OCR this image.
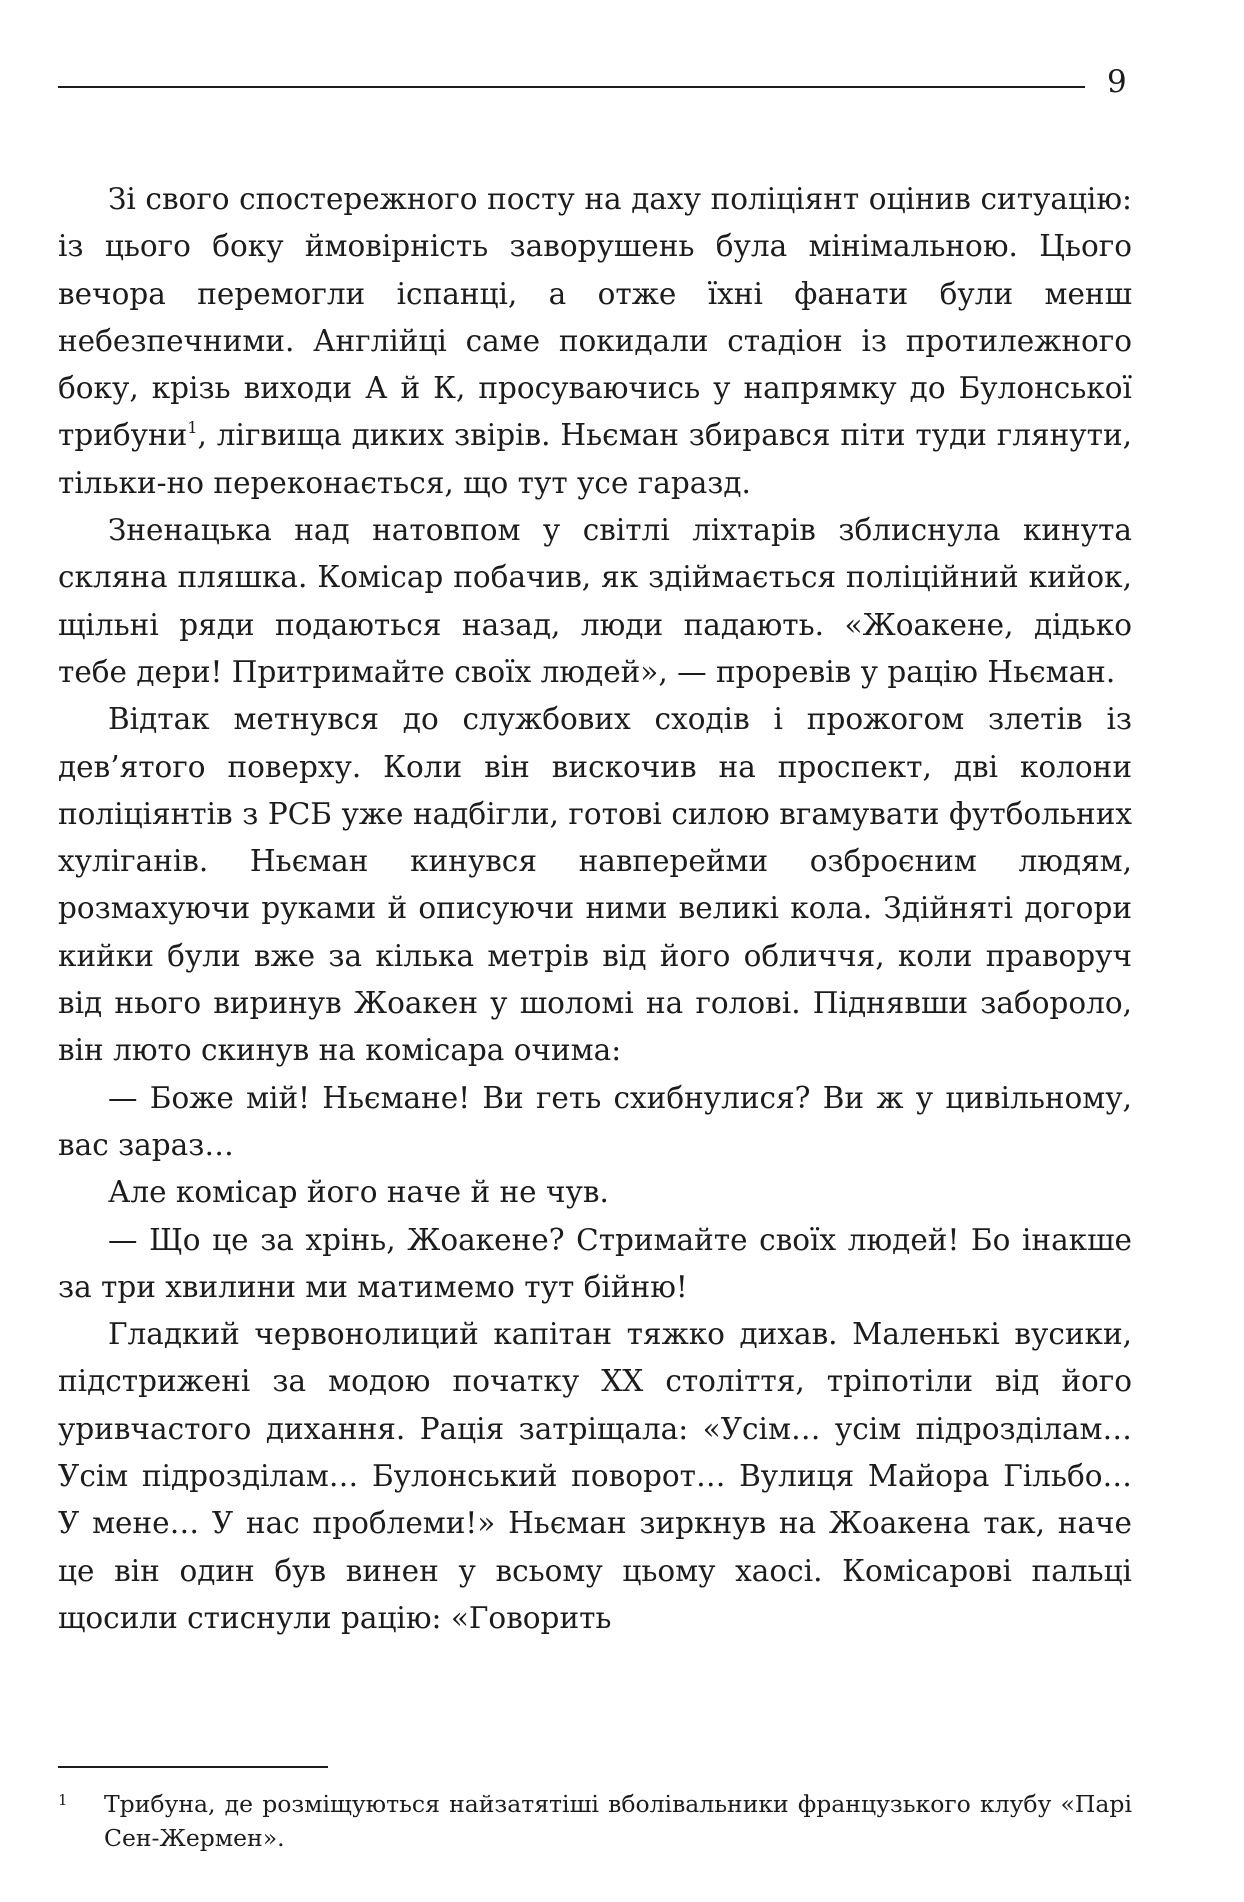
9

Зі свого спостережного посту на даху поліціянт оцінив ситуацію: із цього боку ймовірність заворушень була мінімальною. Цього вечора перемогли іспанці, а отже їхні фанати були менш небезпечними. Англійці саме покидали стадіон із протилежного боку, крізь виходи А й К, просуваючись у напрямку до Булонської трибуни$^1$, лігвища диких звірів. Ньєман збирався піти туди глянути, тільки-но переконається, що тут усе гаразд.

Зненацька над натовпом у світлі ліхтарів зблиснула кинута скляна пляшка. Комісар побачив, як здіймається поліційний кийок, щільні ряди подаються назад, люди падають. «Жоакене, дідько тебе дери! Притримайте своїх людей», — проревів у рацію Ньєман.

Відтак метнувся до службових сходів і прожогом злетів із дев’ятого поверху. Коли він вискочив на проспект, дві колони поліціянтів з РСБ уже надбігли, готові силою вгамувати футбольних хуліганів. Ньєман кинувся навперейми озброєним людям, розмахуючи руками й описуючи ними великі кола. Здійняті догори кийки були вже за кілька метрів від його обличчя, коли праворуч від нього виринув Жоакен у шоломі на голові. Піднявши заборолo, він люто скинув на комісара очима:

— Боже мій! Ньємане! Ви геть схибнулися? Ви ж у цивільному, вас зараз…

Але комісар його наче й не чув.

— Що це за хрінь, Жоакене? Стримайте своїх людей! Бо інакше за три хвилини ми матимемо тут бійню!

Гладкий червонолиций капітан тяжко дихав. Маленькі вусики, підстрижені за модою початку XX століття, тріпотіли від його уривчастого дихання. Рація затріщала: «Усім… усім підрозділам… Усім підрозділам… Булонський поворот… Вулиця Майора Гільбо… У мене… У нас проблеми!» Ньєман зиркнув на Жоакена так, наче це він один був винен у всьому цьому хаосі. Комісарові пальці щосили стиснули рацію: «Говорить

1 Трибуна, де розміщуються найзатятіші вболівальники французького клубу «Парі Сен-Жермен».
